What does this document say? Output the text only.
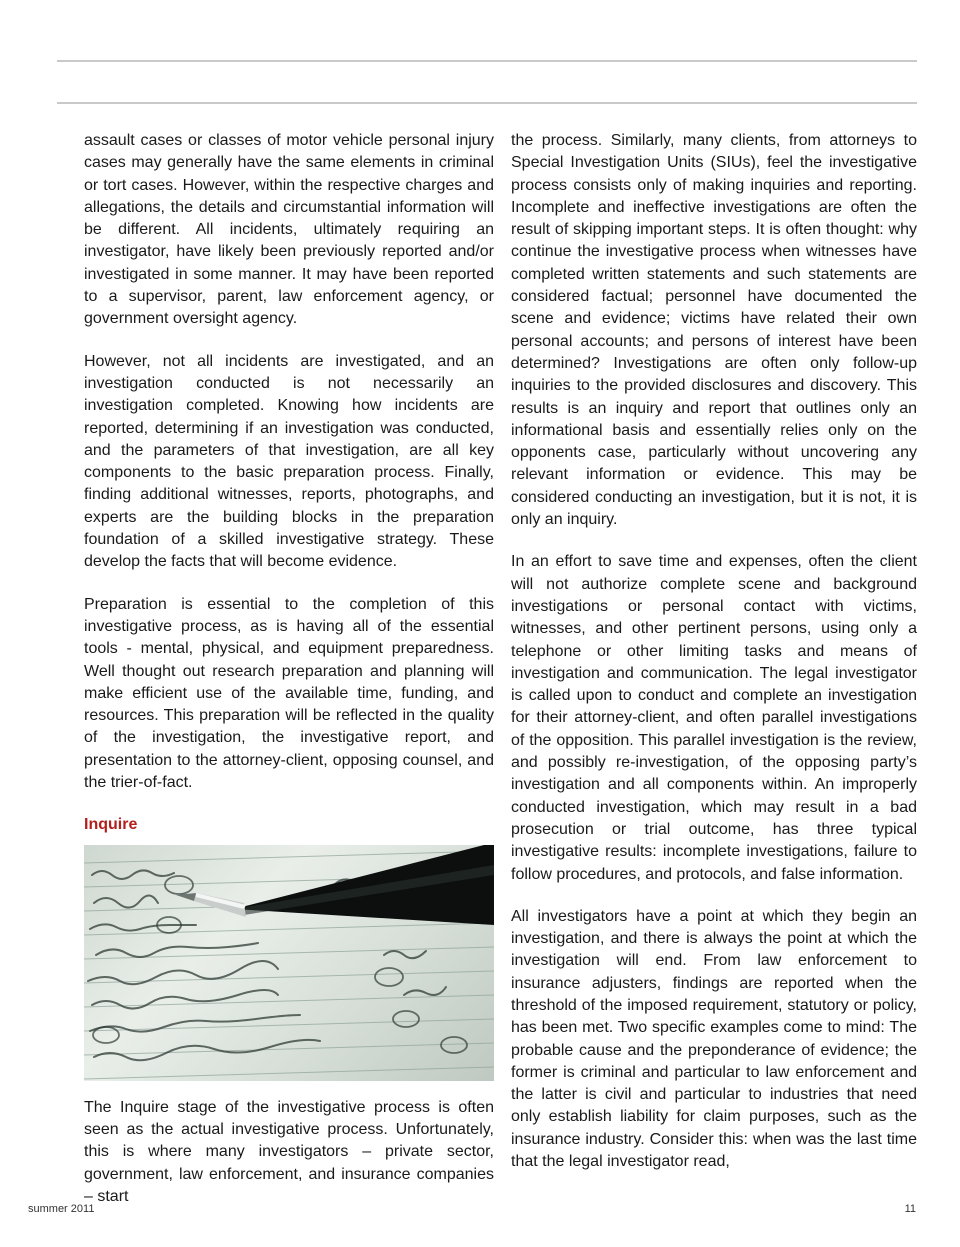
assault cases or classes of motor vehicle personal injury cases may generally have the same elements in criminal or tort cases. However, within the respective charges and allegations, the details and circumstantial information will be different. All incidents, ultimately requiring an investigator, have likely been previously reported and/or investigated in some manner. It may have been reported to a supervisor, parent, law enforcement agency, or government oversight agency.

However, not all incidents are investigated, and an investigation conducted is not necessarily an investigation completed. Knowing how incidents are reported, determining if an investigation was conducted, and the parameters of that investigation, are all key components to the basic preparation process. Finally, finding additional witnesses, reports, photographs, and experts are the building blocks in the preparation foundation of a skilled investigative strategy. These develop the facts that will become evidence.

Preparation is essential to the completion of this investigative process, as is having all of the essential tools - mental, physical, and equipment preparedness. Well thought out research preparation and planning will make efficient use of the available time, funding, and resources. This preparation will be reflected in the quality of the investigation, the investigative report, and presentation to the attorney-client, opposing counsel, and the trier-of-fact.

Inquire

The Inquire stage of the investigative process is often seen as the actual investigative process. Unfortunately, this is where many investigators – private sector, government, law enforcement, and insurance companies – start

the process. Similarly, many clients, from attorneys to Special Investigation Units (SIUs), feel the investigative process consists only of making inquiries and reporting. Incomplete and ineffective investigations are often the result of skipping important steps. It is often thought: why continue the investigative process when witnesses have completed written statements and such statements are considered factual; personnel have documented the scene and evidence; victims have related their own personal accounts; and persons of interest have been determined? Investigations are often only follow-up inquiries to the provided disclosures and discovery. This results is an inquiry and report that outlines only an informational basis and essentially relies only on the opponents case, particularly without uncovering any relevant information or evidence. This may be considered conducting an investigation, but it is not, it is only an inquiry.

In an effort to save time and expenses, often the client will not authorize complete scene and background investigations or personal contact with victims, witnesses, and other pertinent persons, using only a telephone or other limiting tasks and means of investigation and communication. The legal investigator is called upon to conduct and complete an investigation for their attorney-client, and often parallel investigations of the opposition. This parallel investigation is the review, and possibly re-investigation, of the opposing party’s investigation and all components within. An improperly conducted investigation, which may result in a bad prosecution or trial outcome, has three typical investigative results: incomplete investigations, failure to follow procedures, and protocols, and false information.

All investigators have a point at which they begin an investigation, and there is always the point at which the investigation will end. From law enforcement to insurance adjusters, findings are reported when the threshold of the imposed requirement, statutory or policy, has been met. Two specific examples come to mind: The probable cause and the preponderance of evidence; the former is criminal and particular to law enforcement and the latter is civil and particular to industries that need only establish liability for claim purposes, such as the insurance industry. Consider this: when was the last time that the legal investigator read,

summer 2011	11
